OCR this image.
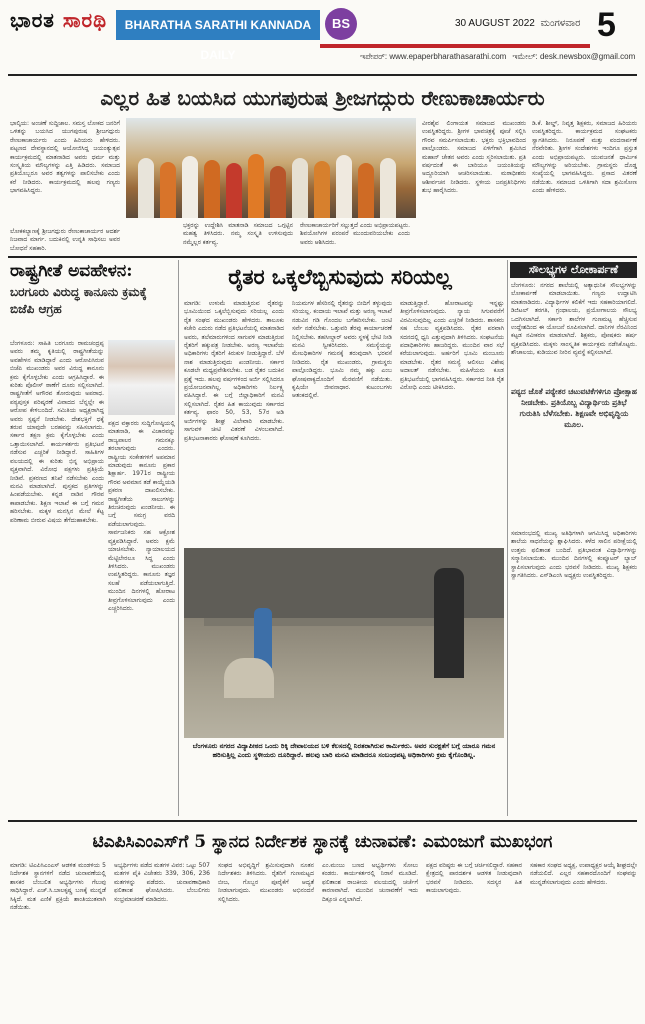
ಭಾರತ ಸಾರಥಿ	BHARATHA SARATHI KANNADA DAILY
BS	30 AUGUST 2022 ಮಂಗಳವಾರ 5
ಇಪೇಪರ್: www.epaperbharathasarathi.com ಇಮೇಲ್: desk.newsbox@gmail.com
ಎಲ್ಲರ ಹಿತ ಬಯಸಿದ ಯುಗಪುರುಷ ಶ್ರೀಜಗದ್ಗುರು ರೇಣುಕಾಚಾರ್ಯರು
ಭಾಲ್ಕಿಯ: ಅಂಚಣೆ ಸುದ್ದಿಜಾಲ. ಸಮಸ್ತ ಲೋಕದ ಜನರಿಗೆ ಒಳಿತನ್ನು ಬಯಸಿದ ಯುಗಪುರುಷ ಶ್ರೀಜಗದ್ಗುರು ರೇಣುಕಾಚಾರ್ಯರು ಎಂದು ಹಿರಿಯರು ಹೇಳಿದರು. ಪಟ್ಟಣದ ದೇವಸ್ಥಾನದಲ್ಲಿ ಆಯೋಜಿಸಿದ್ದ ಜಯಂತ್ಯುತ್ಸವ ಕಾರ್ಯಕ್ರಮದಲ್ಲಿ ಮಾತನಾಡಿದ ಅವರು ಧರ್ಮ ಮತ್ತು ಸಂಸ್ಕೃತಿಯ ಮೌಲ್ಯಗಳನ್ನು ಎತ್ತಿ ಹಿಡಿದರು. ಸಮಾಜದ ಪ್ರತಿಯೊಬ್ಬರೂ ಅವರ ತತ್ವಗಳನ್ನು ಪಾಲಿಸಬೇಕು ಎಂದು ಕರೆ ನೀಡಿದರು. ಕಾರ್ಯಕ್ರಮದಲ್ಲಿ ಹಲವು ಗಣ್ಯರು ಭಾಗವಹಿಸಿದ್ದರು.
ವೀರಶೈವ ಲಿಂಗಾಯತ ಸಮಾಜದ ಮುಖಂಡರು ಉಪಸ್ಥಿತರಿದ್ದರು. ಶ್ರೀಗಳ ಭಾವಚಿತ್ರಕ್ಕೆ ಪೂಜೆ ಸಲ್ಲಿಸಿ ಗೌರವ ಸಮರ್ಪಿಸಲಾಯಿತು. ಭಕ್ತರು ಭಕ್ತಿಭಾವದಿಂದ ಪಾಲ್ಗೊಂಡರು. ಸಮಾಜದ ಏಳಿಗೆಗಾಗಿ ಶ್ರಮಿಸಿದ ಮಹಾನ್ ಚೇತನ ಅವರು ಎಂದು ಸ್ಮರಿಸಲಾಯಿತು. ಪ್ರತಿ ವರ್ಷದಂತೆ ಈ ಬಾರಿಯೂ ಜಯಂತಿಯನ್ನು ಅದ್ದೂರಿಯಾಗಿ ಆಚರಿಸಲಾಯಿತು. ಮಠಾಧೀಶರು ಆಶೀರ್ವಚನ ನೀಡಿದರು. ಸ್ಥಳೀಯ ಜನಪ್ರತಿನಿಧಿಗಳು ಶುಭ ಹಾರೈಸಿದರು.
ಡಿ.ಕೆ. ಶೀಲ್ಡ್, ನಿವೃತ್ತ ಶಿಕ್ಷಕರು, ಸಮಾಜದ ಹಿರಿಯರು ಉಪಸ್ಥಿತರಿದ್ದರು. ಕಾರ್ಯಕ್ರಮದ ಸಂಘಟಕರು ಸ್ವಾಗತಿಸಿದರು. ನಿರೂಪಣೆ ಮತ್ತು ವಂದನಾರ್ಪಣೆ ನೆರವೇರಿತು. ಶ್ರೀಗಳ ಸಂದೇಶಗಳು ಇಂದಿಗೂ ಪ್ರಸ್ತುತ ಎಂದು ಅಭಿಪ್ರಾಯಪಟ್ಟರು. ಯುವಜನತೆ ಧಾರ್ಮಿಕ ಮೌಲ್ಯಗಳನ್ನು ಅರಿಯಬೇಕು. ಗ್ರಾಮಸ್ಥರು ದೊಡ್ಡ ಸಂಖ್ಯೆಯಲ್ಲಿ ಭಾಗವಹಿಸಿದ್ದರು. ಪ್ರಸಾದ ವಿತರಣೆ ನಡೆಯಿತು. ಸಮಾಜದ ಒಳಿತಿಗಾಗಿ ಸದಾ ಶ್ರಮಿಸೋಣ ಎಂದು ಹೇಳಿದರು.
ಲೋಕಕಲ್ಯಾಣಕ್ಕೆ ಶ್ರೀಜಗದ್ಗುರು ರೇಣುಕಾಚಾರ್ಯರ ಆದರ್ಶ ನಿಜವಾದ ಮಾರ್ಗ. ಬದುಕಿನಲ್ಲಿ ಉನ್ನತಿ ಸಾಧಿಸಲು ಅವರ ಬೋಧನೆ ಸಹಕಾರಿ.
ಭಕ್ತರನ್ನು ಉದ್ದೇಶಿಸಿ ಮಾತನಾಡಿ ಸಮಾಜದ ಒಗ್ಗಟ್ಟಿನ ಮಹತ್ವ ತಿಳಿಸಿದರು. ನಮ್ಮ ಸಂಸ್ಕೃತಿ ಉಳಿಸುವುದು ನಮ್ಮೆಲ್ಲರ ಕರ್ತವ್ಯ.
ರೇಣುಕಾಚಾರ್ಯರಿಗೆ ಸಲ್ಲುತ್ತದೆ ಎಂದು ಅಭಿಪ್ರಾಯಪಟ್ಟರು. ಶಿವಯೋಗಿಗಳ ಪರಂಪರೆ ಮುಂದುವರಿಯಬೇಕು ಎಂದು ಅವರು ಆಶಿಸಿದರು.
ರಾಷ್ಟ್ರಗೀತೆ ಅವಹೇಳನ:
ಬರಗೂರು ವಿರುದ್ಧ ಕಾನೂನು ಕ್ರಮಕ್ಕೆ ಬಿಜೆಪಿ ಆಗ್ರಹ
ಬೆಂಗಳೂರು: ಸಾಹಿತಿ ಬರಗೂರು ರಾಮಚಂದ್ರಪ್ಪ ಅವರು ತಮ್ಮ ಕೃತಿಯಲ್ಲಿ ರಾಷ್ಟ್ರಗೀತೆಯನ್ನು ಅವಹೇಳನ ಮಾಡಿದ್ದಾರೆ ಎಂದು ಆರೋಪಿಸಿರುವ ಬಿಜೆಪಿ ಮುಖಂಡರು ಅವರ ವಿರುದ್ಧ ಕಾನೂನು ಕ್ರಮ ಕೈಗೊಳ್ಳಬೇಕು ಎಂದು ಆಗ್ರಹಿಸಿದ್ದಾರೆ. ಈ ಕುರಿತು ಪೊಲೀಸ್ ಠಾಣೆಗೆ ದೂರು ಸಲ್ಲಿಸಲಾಗಿದೆ. ರಾಷ್ಟ್ರಗೀತೆಗೆ ಅಗೌರವ ತೋರುವುದು ಅಪರಾಧ. ಪಠ್ಯಪುಸ್ತಕ ಪರಿಷ್ಕರಣೆ ವಿವಾದದ ಬೆನ್ನಲ್ಲೇ ಈ ಆರೋಪ ಕೇಳಿಬಂದಿದೆ. ಸಮಿತಿಯ ಅಧ್ಯಕ್ಷರಾಗಿದ್ದ ಅವರು ಸ್ಪಷ್ಟನೆ ನೀಡಬೇಕು. ದೇಶಭಕ್ತಿಗೆ ಧಕ್ಕೆ ತರುವ ಯಾವುದೇ ಬರಹವನ್ನು ಸಹಿಸಲಾಗದು. ಸರ್ಕಾರ ತಕ್ಷಣ ಕ್ರಮ ಕೈಗೊಳ್ಳಬೇಕು ಎಂದು ಒತ್ತಾಯಿಸಲಾಗಿದೆ. ಕಾರ್ಯಕರ್ತರು ಪ್ರತಿಭಟನೆ ನಡೆಸುವ ಎಚ್ಚರಿಕೆ ನೀಡಿದ್ದಾರೆ. ಸಾಹಿತಿಗಳ ವಲಯದಲ್ಲಿ ಈ ಕುರಿತು ಭಿನ್ನ ಅಭಿಪ್ರಾಯ ವ್ಯಕ್ತವಾಗಿದೆ. ವಿರೋಧ ಪಕ್ಷಗಳು ಪ್ರತಿಕ್ರಿಯೆ ನೀಡಿವೆ. ಪ್ರಕರಣದ ತನಿಖೆ ನಡೆಸಬೇಕು ಎಂದು ಮನವಿ ಮಾಡಲಾಗಿದೆ. ಪುಸ್ತಕದ ಪ್ರತಿಗಳನ್ನು ಹಿಂಪಡೆಯಬೇಕು. ಕನ್ನಡ ನಾಡಿನ ಗೌರವ ಕಾಪಾಡಬೇಕು. ಶಿಕ್ಷಣ ಇಲಾಖೆ ಈ ಬಗ್ಗೆ ಗಮನ ಹರಿಸಬೇಕು. ಮಕ್ಕಳ ಮನಸ್ಸಿನ ಮೇಲೆ ಕೆಟ್ಟ ಪರಿಣಾಮ ಬೀರುವ ವಿಷಯ ತೆಗೆದುಹಾಕಬೇಕು.
ಪಕ್ಷದ ವಕ್ತಾರರು ಸುದ್ದಿಗೋಷ್ಠಿಯಲ್ಲಿ ಮಾತನಾಡಿ, ಈ ವಿಚಾರವನ್ನು ರಾಜ್ಯಪಾಲರ ಗಮನಕ್ಕೂ ತರಲಾಗುವುದು ಎಂದರು. ರಾಷ್ಟ್ರೀಯ ಸಂಕೇತಗಳಿಗೆ ಅಪಮಾನ ಮಾಡುವುದು ಕಾನೂನು ಪ್ರಕಾರ ಶಿಕ್ಷಾರ್ಹ. 1971ರ ರಾಷ್ಟ್ರೀಯ ಗೌರವ ಅವಮಾನ ತಡೆ ಕಾಯ್ದೆಯಡಿ ಪ್ರಕರಣ ದಾಖಲಿಸಬೇಕು. ರಾಷ್ಟ್ರಗೀತೆಯ ಸಾಲುಗಳನ್ನು ತಿರುಚಿರುವುದು ಖಂಡನೀಯ. ಈ ಬಗ್ಗೆ ಸಮಗ್ರ ವರದಿ ಪಡೆಯಲಾಗುವುದು. ಸಾರ್ವಜನಿಕರು ಸಹ ಆಕ್ರೋಶ ವ್ಯಕ್ತಪಡಿಸಿದ್ದಾರೆ. ಅವರು ಕ್ಷಮೆ ಯಾಚಿಸಬೇಕು. ನ್ಯಾಯಾಲಯದ ಮೆಟ್ಟಿಲೇರಲೂ ಸಿದ್ಧ ಎಂದು ತಿಳಿಸಿದರು. ಮುಖಂಡರು ಉಪಸ್ಥಿತರಿದ್ದರು. ಕಾನೂನು ತಜ್ಞರ ಸಲಹೆ ಪಡೆಯಲಾಗುತ್ತಿದೆ. ಮುಂದಿನ ದಿನಗಳಲ್ಲಿ ಹೋರಾಟ ತೀವ್ರಗೊಳಿಸಲಾಗುವುದು ಎಂದು ಎಚ್ಚರಿಸಿದರು.
ರೈತರ ಒಕ್ಕಲೆಬ್ಬಿಸುವುದು ಸರಿಯಲ್ಲ
ಮಾಗಡಿ: ಉಳುಮೆ ಮಾಡುತ್ತಿರುವ ರೈತರನ್ನು ಭೂಮಿಯಿಂದ ಒಕ್ಕಲೆಬ್ಬಿಸುವುದು ಸರಿಯಲ್ಲ ಎಂದು ರೈತ ಸಂಘದ ಮುಖಂಡರು ಹೇಳಿದರು. ತಾಲೂಕು ಕಚೇರಿ ಎದುರು ನಡೆದ ಪ್ರತಿಭಟನೆಯಲ್ಲಿ ಮಾತನಾಡಿದ ಅವರು, ತಲೆಮಾರುಗಳಿಂದ ಸಾಗುವಳಿ ಮಾಡುತ್ತಿರುವ ರೈತರಿಗೆ ಹಕ್ಕುಪತ್ರ ನೀಡಬೇಕು. ಅರಣ್ಯ ಇಲಾಖೆಯ ಅಧಿಕಾರಿಗಳು ರೈತರಿಗೆ ಕಿರುಕುಳ ನೀಡುತ್ತಿದ್ದಾರೆ. ಬೆಳೆ ನಾಶ ಮಾಡುತ್ತಿರುವುದು ಖಂಡನೀಯ. ಸರ್ಕಾರ ಕೂಡಲೇ ಮಧ್ಯಪ್ರವೇಶಿಸಬೇಕು. ಬಡ ರೈತರ ಬದುಕಿನ ಪ್ರಶ್ನೆ ಇದು. ಹಲವು ವರ್ಷಗಳಿಂದ ಅರ್ಜಿ ಸಲ್ಲಿಸಿದರೂ ಪ್ರಯೋಜನವಾಗಿಲ್ಲ. ಅಧಿಕಾರಿಗಳು ನಿರ್ಲಕ್ಷ್ಯ ವಹಿಸಿದ್ದಾರೆ. ಈ ಬಗ್ಗೆ ಜಿಲ್ಲಾಧಿಕಾರಿಗೆ ಮನವಿ ಸಲ್ಲಿಸಲಾಗಿದೆ. ರೈತರ ಹಿತ ಕಾಯುವುದು ಸರ್ಕಾರದ ಕರ್ತವ್ಯ. ಫಾರಂ 50, 53, 57ರ ಅಡಿ ಅರ್ಜಿಗಳನ್ನು ಶೀಘ್ರ ವಿಲೇವಾರಿ ಮಾಡಬೇಕು. ಸಾಗುವಳಿ ಚೀಟಿ ವಿತರಣೆ ವಿಳಂಬವಾಗಿದೆ. ಪ್ರತಿಭಟನಾಕಾರರು ಘೋಷಣೆ ಕೂಗಿದರು.
ನಿಯಮಗಳ ಹೆಸರಿನಲ್ಲಿ ರೈತರನ್ನು ಬೀದಿಗೆ ತಳ್ಳುವುದು ಸರಿಯಲ್ಲ. ಕಂದಾಯ ಇಲಾಖೆ ಮತ್ತು ಅರಣ್ಯ ಇಲಾಖೆ ನಡುವಿನ ಗಡಿ ಗೊಂದಲ ಬಗೆಹರಿಸಬೇಕು. ಜಂಟಿ ಸರ್ವೆ ನಡೆಸಬೇಕು. ಒತ್ತುವರಿ ತೆರವು ಕಾರ್ಯಾಚರಣೆ ನಿಲ್ಲಿಸಬೇಕು. ತಹಸೀಲ್ದಾರ್ ಅವರು ಸ್ಥಳಕ್ಕೆ ಭೇಟಿ ನೀಡಿ ಮನವಿ ಸ್ವೀಕರಿಸಿದರು. ಸಮಸ್ಯೆಯನ್ನು ಮೇಲಧಿಕಾರಿಗಳ ಗಮನಕ್ಕೆ ತರುವುದಾಗಿ ಭರವಸೆ ನೀಡಿದರು. ರೈತ ಮುಖಂಡರು, ಗ್ರಾಮಸ್ಥರು ಪಾಲ್ಗೊಂಡಿದ್ದರು. ಭೂಮಿ ನಮ್ಮ ಹಕ್ಕು ಎಂಬ ಘೋಷವಾಕ್ಯದೊಂದಿಗೆ ಮೆರವಣಿಗೆ ನಡೆಯಿತು. ಕೃಷಿಯೇ ಜೀವನಾಧಾರ. ಕುಟುಂಬಗಳು ಆತಂಕದಲ್ಲಿವೆ.
ಮಾಡುತ್ತಿದ್ದಾರೆ. ಹೋರಾಟವನ್ನು ಇನ್ನಷ್ಟು ತೀವ್ರಗೊಳಿಸಲಾಗುವುದು. ನ್ಯಾಯ ಸಿಗುವವರೆಗೆ ವಿರಮಿಸುವುದಿಲ್ಲ ಎಂದು ಎಚ್ಚರಿಕೆ ನೀಡಿದರು. ಶಾಸಕರು ಸಹ ಬೆಂಬಲ ವ್ಯಕ್ತಪಡಿಸಿದರು. ರೈತರ ಪರವಾಗಿ ಸದನದಲ್ಲಿ ಧ್ವನಿ ಎತ್ತುವುದಾಗಿ ತಿಳಿಸಿದರು. ಸಂಘಟನೆಯ ಪದಾಧಿಕಾರಿಗಳು ಹಾಜರಿದ್ದರು. ಮುಂದಿನ ವಾರ ಸಭೆ ಕರೆಯಲಾಗುವುದು. ಅರ್ಹರಿಗೆ ಭೂಮಿ ಮಂಜೂರು ಮಾಡಬೇಕು. ರೈತರ ಸಮಸ್ಯೆ ಆಲಿಸಲು ವಿಶೇಷ ಅದಾಲತ್ ನಡೆಸಬೇಕು. ಮಹಿಳೆಯರು ಕೂಡ ಪ್ರತಿಭಟನೆಯಲ್ಲಿ ಭಾಗವಹಿಸಿದ್ದರು. ಸರ್ಕಾರದ ನೀತಿ ರೈತ ವಿರೋಧಿ ಎಂದು ಟೀಕಿಸಿದರು.
ಬೆಂಗಳೂರು ನಗರದ ವಿದ್ಯಾಪೀಠದ ಒಂದು ರಿಕ್ಕಿ ದೇವಾಲಯದ ಬಳಿ ಕೆಲಸದಲ್ಲಿ ನಿರತರಾಗಿರುವ ಕಾರ್ಮಿಕರು. ಅವರ ಸುರಕ್ಷತೆಗೆ ಬಗ್ಗೆ ಯಾರೂ ಗಮನ ಹರಿಸುತ್ತಿಲ್ಲ ಎಂದು ಸ್ಥಳೀಯರು ದೂರಿದ್ದಾರೆ. ಹಲವು ಬಾರಿ ಮನವಿ ಮಾಡಿದರೂ ಸಂಬಂಧಪಟ್ಟ ಅಧಿಕಾರಿಗಳು ಕ್ರಮ ಕೈಗೊಂಡಿಲ್ಲ.
ಸೌಲಭ್ಯಗಳ ಲೋಕಾರ್ಪಣೆ
ಬೆಂಗಳೂರು: ನಗರದ ಶಾಲೆಯಲ್ಲಿ ಅತ್ಯಾಧುನಿಕ ಸೌಲಭ್ಯಗಳನ್ನು ಲೋಕಾರ್ಪಣೆ ಮಾಡಲಾಯಿತು. ಗಣ್ಯರು ಉದ್ಘಾಟಿಸಿ ಮಾತನಾಡಿದರು. ವಿದ್ಯಾರ್ಥಿಗಳ ಕಲಿಕೆಗೆ ಇದು ಸಹಕಾರಿಯಾಗಲಿದೆ. ಡಿಜಿಟಲ್ ತರಗತಿ, ಗ್ರಂಥಾಲಯ, ಪ್ರಯೋಗಾಲಯ ಸೌಲಭ್ಯ ಒದಗಿಸಲಾಗಿದೆ. ಸರ್ಕಾರಿ ಶಾಲೆಗಳ ಗುಣಮಟ್ಟ ಹೆಚ್ಚಿಸುವ ಉದ್ದೇಶದಿಂದ ಈ ಯೋಜನೆ ರೂಪಿಸಲಾಗಿದೆ. ದಾನಿಗಳ ನೆರವಿನಿಂದ ಕಟ್ಟಡ ನವೀಕರಣ ಮಾಡಲಾಗಿದೆ. ಶಿಕ್ಷಕರು, ಪೋಷಕರು ಹರ್ಷ ವ್ಯಕ್ತಪಡಿಸಿದರು. ಮಕ್ಕಳು ಸಾಂಸ್ಕೃತಿಕ ಕಾರ್ಯಕ್ರಮ ನಡೆಸಿಕೊಟ್ಟರು. ಶೌಚಾಲಯ, ಕುಡಿಯುವ ನೀರಿನ ವ್ಯವಸ್ಥೆ ಕಲ್ಪಿಸಲಾಗಿದೆ.
ಪಠ್ಯದ ಜೊತೆ ಪಠ್ಯೇತರ ಚಟುವಟಿಕೆಗಳಿಗೂ ಪ್ರೋತ್ಸಾಹ ನೀಡಬೇಕು. ಪ್ರತಿಯೊಬ್ಬ ವಿದ್ಯಾರ್ಥಿಯ ಪ್ರತಿಭೆ ಗುರುತಿಸಿ ಬೆಳೆಸಬೇಕು. ಶಿಕ್ಷಣವೇ ಅಭಿವೃದ್ಧಿಯ ಮೂಲ.
ಸಮಾರಂಭದಲ್ಲಿ ಮುಖ್ಯ ಅತಿಥಿಗಳಾಗಿ ಆಗಮಿಸಿದ್ದ ಅಧಿಕಾರಿಗಳು ಶಾಲೆಯ ಸಾಧನೆಯನ್ನು ಶ್ಲಾಘಿಸಿದರು. ಕಳೆದ ಸಾಲಿನ ಪರೀಕ್ಷೆಯಲ್ಲಿ ಉತ್ತಮ ಫಲಿತಾಂಶ ಬಂದಿದೆ. ಪ್ರತಿಭಾವಂತ ವಿದ್ಯಾರ್ಥಿಗಳನ್ನು ಸನ್ಮಾನಿಸಲಾಯಿತು. ಮುಂದಿನ ದಿನಗಳಲ್ಲಿ ಕಂಪ್ಯೂಟರ್ ಲ್ಯಾಬ್ ಸ್ಥಾಪಿಸಲಾಗುವುದು ಎಂದು ಭರವಸೆ ನೀಡಿದರು. ಮುಖ್ಯ ಶಿಕ್ಷಕರು ಸ್ವಾಗತಿಸಿದರು. ಎಸ್‌ಡಿಎಂಸಿ ಅಧ್ಯಕ್ಷರು ಉಪಸ್ಥಿತರಿದ್ದರು.
ಟಿಎಪಿಸಿಎಂಎಸ್‌ಗೆ 5 ಸ್ಥಾನದ ನಿರ್ದೇಶಕ ಸ್ಥಾನಕ್ಕೆ ಚುನಾವಣೆ: ಎಮಂಜುಗೆ ಮುಖಭಂಗ
ಮಾಗಡಿ: ಟಿಎಪಿಸಿಎಂಎಸ್ ಆಡಳಿತ ಮಂಡಳಿಯ 5 ನಿರ್ದೇಶಕ ಸ್ಥಾನಗಳಿಗೆ ನಡೆದ ಚುನಾವಣೆಯಲ್ಲಿ ಶಾಸಕರ ಬೆಂಬಲಿತ ಅಭ್ಯರ್ಥಿಗಳು ಗೆಲುವು ಸಾಧಿಸಿದ್ದಾರೆ. ಎಚ್.ಸಿ.ಬಾಲಕೃಷ್ಣ ಬಣಕ್ಕೆ ಮುನ್ನಡೆ ಸಿಕ್ಕಿದೆ. ಮತ ಎಣಿಕೆ ಪ್ರಕ್ರಿಯೆ ಶಾಂತಿಯುತವಾಗಿ ನಡೆಯಿತು.
ಅಭ್ಯರ್ಥಿಗಳು ಪಡೆದ ಮತಗಳ ವಿವರ: ಒಟ್ಟು 507 ಮತಗಳ ಪೈಕಿ ವಿಜೇತರು 339, 306, 236 ಮತಗಳನ್ನು ಪಡೆದರು. ಚುನಾವಣಾಧಿಕಾರಿ ಫಲಿತಾಂಶ ಘೋಷಿಸಿದರು. ಬೆಂಬಲಿಗರು ಸಂಭ್ರಮಾಚರಣೆ ಮಾಡಿದರು.
ಸಂಘದ ಅಭಿವೃದ್ಧಿಗೆ ಶ್ರಮಿಸುವುದಾಗಿ ನೂತನ ನಿರ್ದೇಶಕರು ತಿಳಿಸಿದರು. ರೈತರಿಗೆ ಗುಣಮಟ್ಟದ ಬೀಜ, ಗೊಬ್ಬರ ಪೂರೈಕೆಗೆ ಆದ್ಯತೆ ನೀಡಲಾಗುವುದು. ಮುಖಂಡರು ಅಭಿನಂದನೆ ಸಲ್ಲಿಸಿದರು.
ಎಂ.ಮಂಜು ಬಣದ ಅಭ್ಯರ್ಥಿಗಳು ಸೋಲು ಕಂಡರು. ಕಾರ್ಯಕರ್ತರಲ್ಲಿ ನಿರಾಸೆ ಮೂಡಿದೆ. ಫಲಿತಾಂಶ ರಾಜಕೀಯ ವಲಯದಲ್ಲಿ ಚರ್ಚೆಗೆ ಕಾರಣವಾಗಿದೆ. ಮುಂದಿನ ಚುನಾವಣೆಗೆ ಇದು ದಿಕ್ಸೂಚಿ ಎನ್ನಲಾಗಿದೆ.
ಪಕ್ಷದ ವರಿಷ್ಠರು ಈ ಬಗ್ಗೆ ಚರ್ಚಿಸಲಿದ್ದಾರೆ. ಸಹಕಾರ ಕ್ಷೇತ್ರದಲ್ಲಿ ಪಾರದರ್ಶಕ ಆಡಳಿತ ನೀಡುವುದಾಗಿ ಭರವಸೆ ನೀಡಿದರು. ಸದಸ್ಯರ ಹಿತ ಕಾಯಲಾಗುವುದು.
ಸಹಕಾರ ಸಂಘದ ಅಧ್ಯಕ್ಷ, ಉಪಾಧ್ಯಕ್ಷರ ಆಯ್ಕೆ ಶೀಘ್ರದಲ್ಲೇ ನಡೆಯಲಿದೆ. ಎಲ್ಲರ ಸಹಕಾರದೊಂದಿಗೆ ಸಂಘವನ್ನು ಮುನ್ನಡೆಸಲಾಗುವುದು ಎಂದು ಹೇಳಿದರು.
